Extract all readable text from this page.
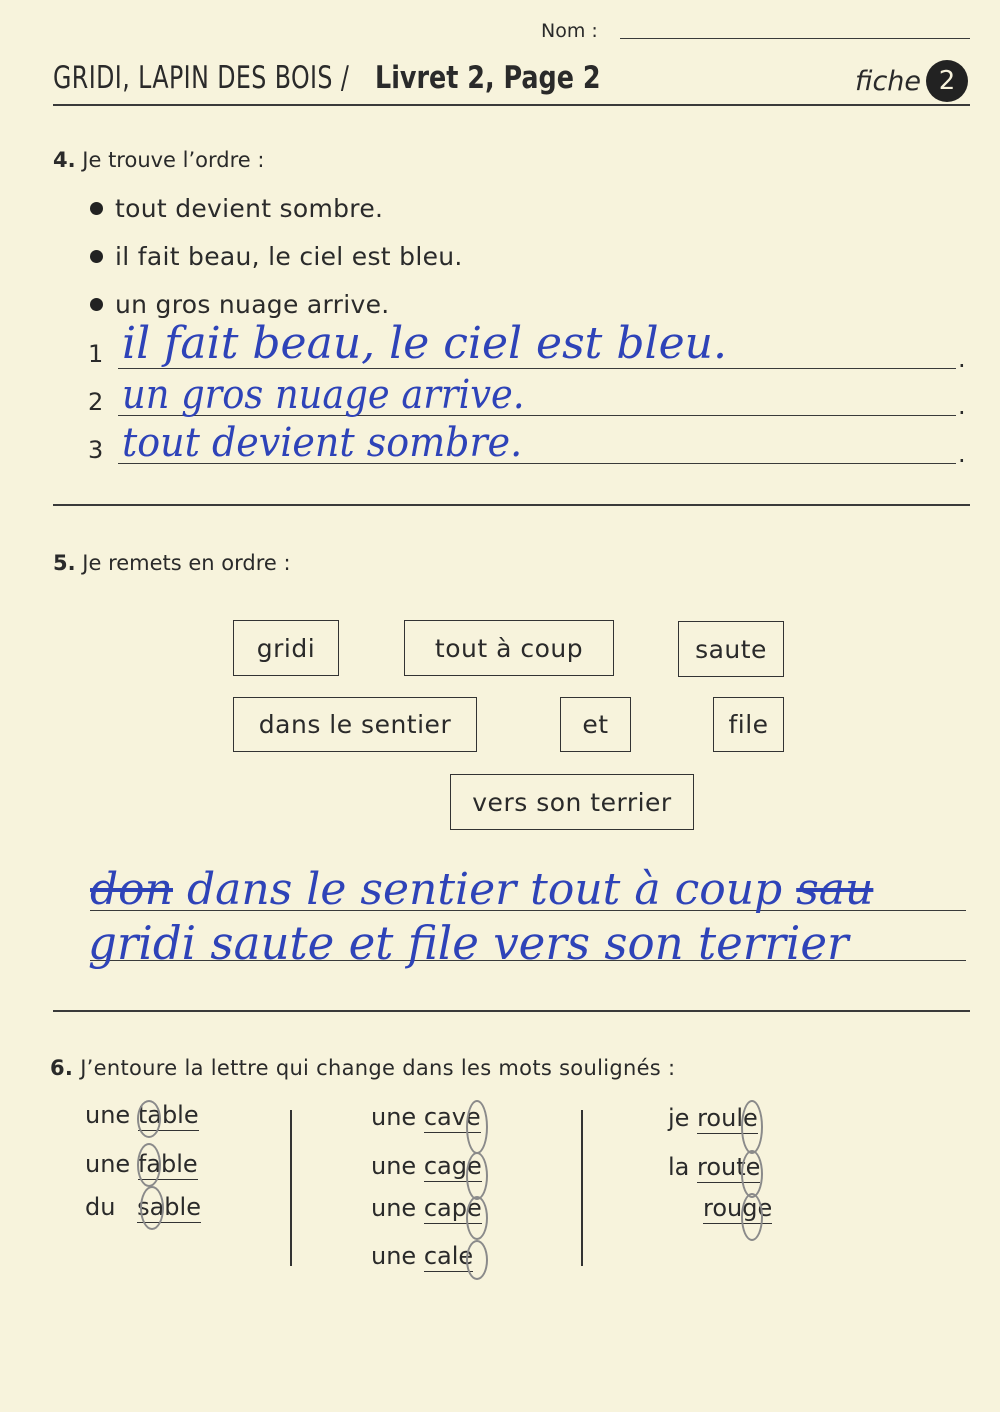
Nom :
GRIDI, LAPIN DES BOIS / Livret 2, Page 2	fiche 2
4. Je trouve l’ordre :
tout devient sombre.
il fait beau, le ciel est bleu.
un gros nuage arrive.
1
2
3
.
.
.
il fait beau, le ciel est bleu.
un gros nuage arrive.
tout devient sombre.
5. Je remets en ordre :
gridi	tout à coup	saute
dans le sentier	et	file
vers son terrier
don dans le sentier tout à coup sau
gridi saute et file vers son terrier
6. J’entoure la lettre qui change dans les mots soulignés :
une table
une fable
du sable
une cave
une cage
une cape
une cale
je roule
la route
rouge
